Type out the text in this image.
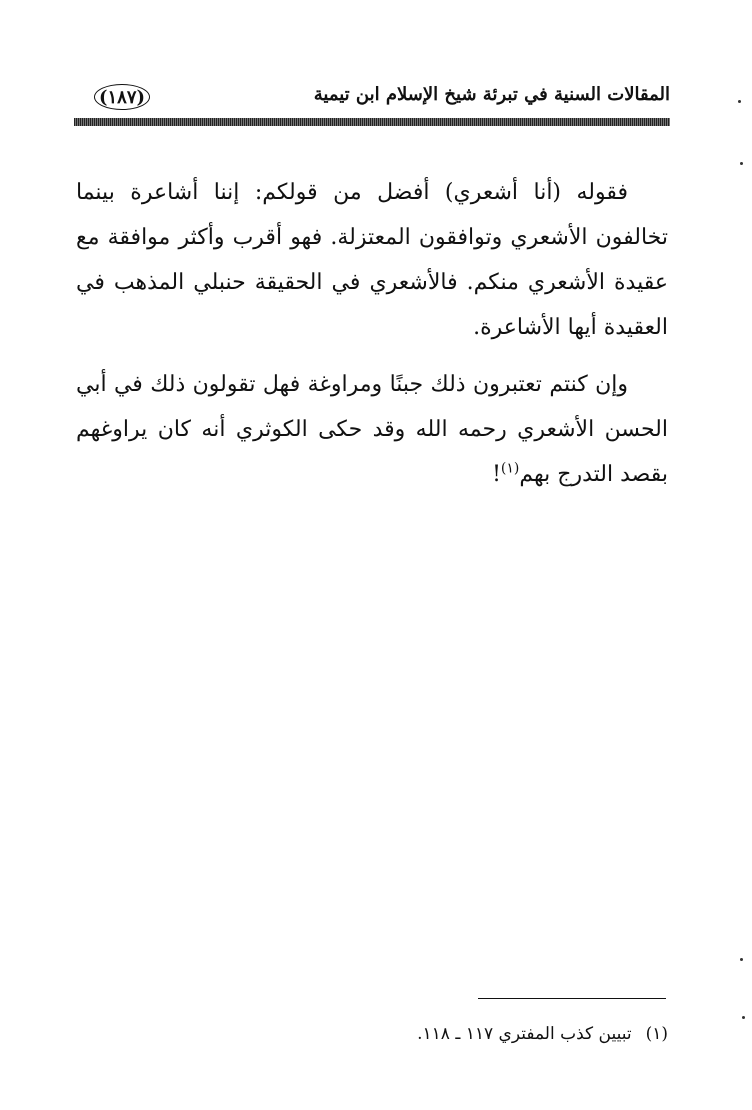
المقالات السنية في تبرئة شيخ الإسلام ابن تيمية
(١٨٧)

فقوله (أنا أشعري) أفضل من قولكم: إننا أشاعرة بينما تخالفون الأشعري وتوافقون المعتزلة. فهو أقرب وأكثر موافقة مع عقيدة الأشعري منكم. فالأشعري في الحقيقة حنبلي المذهب في العقيدة أيها الأشاعرة.

وإن كنتم تعتبرون ذلك جبنًا ومراوغة فهل تقولون ذلك في أبي الحسن الأشعري رحمه الله وقد حكى الكوثري أنه كان يراوغهم بقصد التدرج بهم$^{(١)}$!

(١)تبيين كذب المفتري ١١٧ ـ ١١٨.
